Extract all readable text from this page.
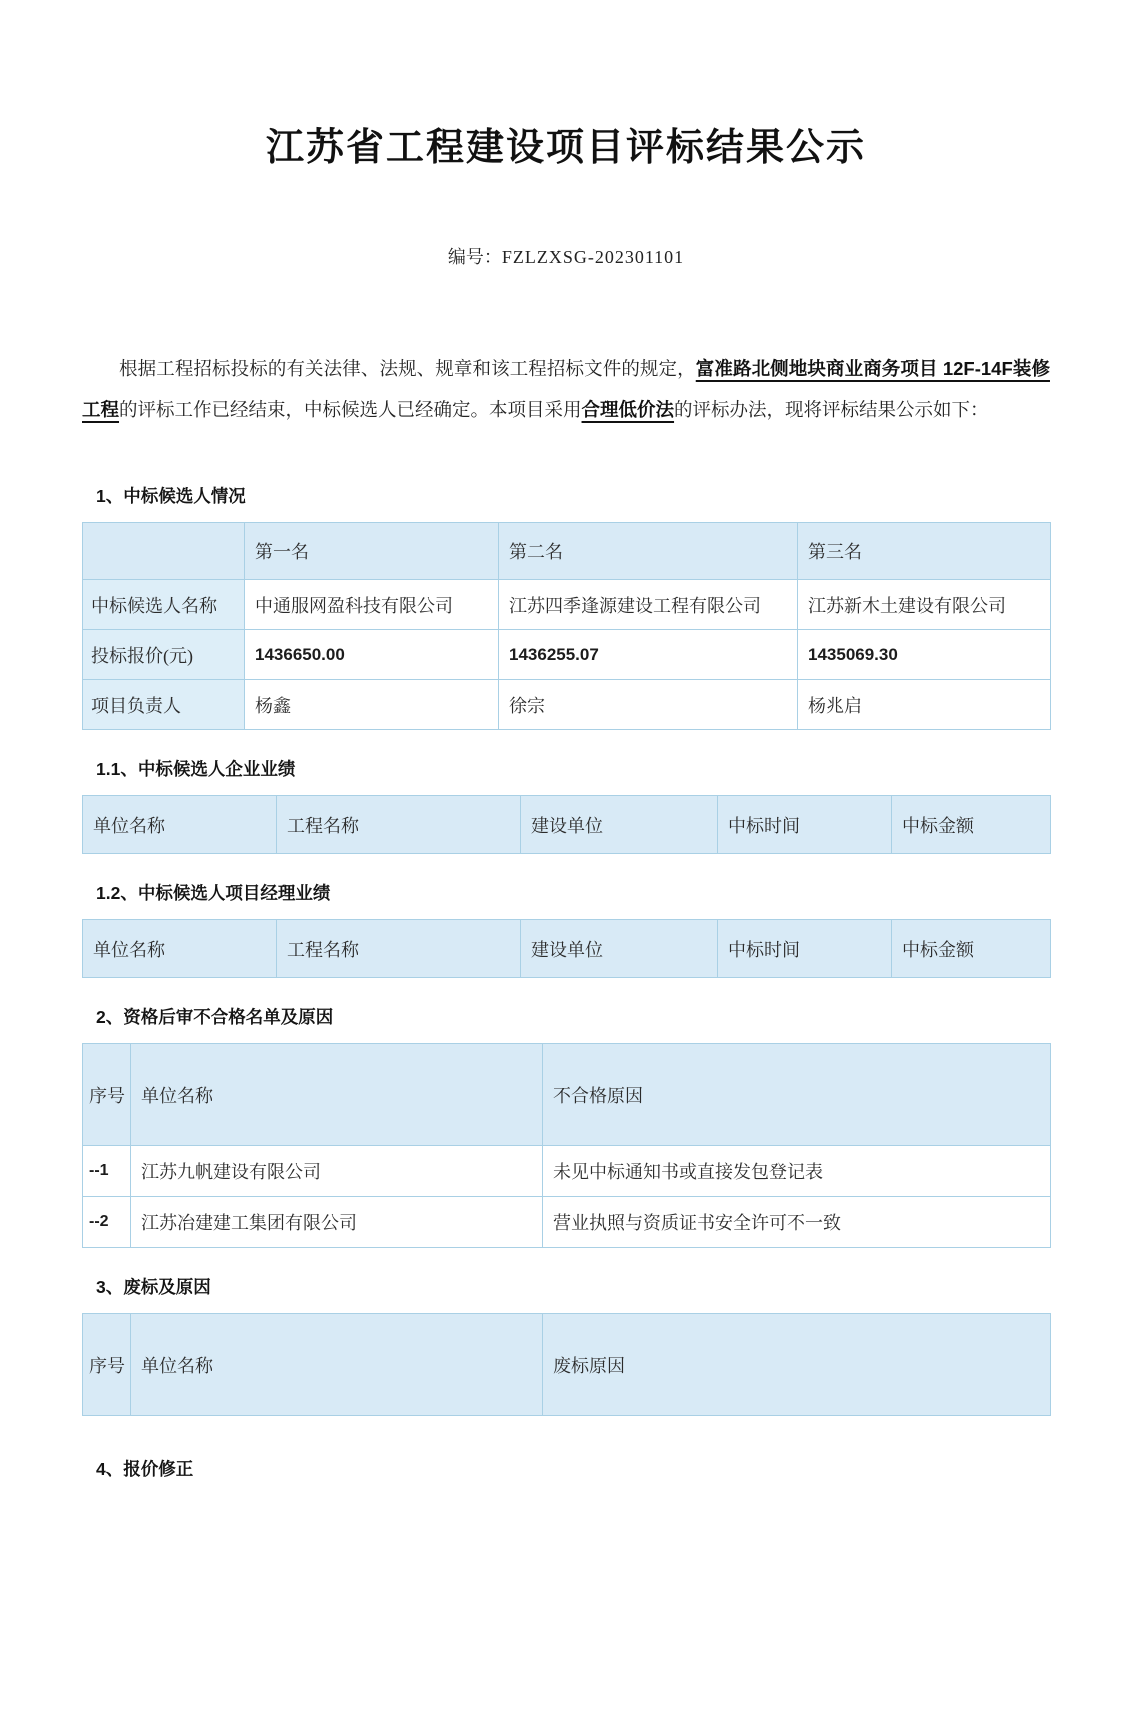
江苏省工程建设项目评标结果公示
编号：FZLZXSG-202301101
根据工程招标投标的有关法律、法规、规章和该工程招标文件的规定，富准路北侧地块商业商务项目 12F-14F装修工程的评标工作已经结束，中标候选人已经确定。本项目采用合理低价法的评标办法，现将评标结果公示如下：
1、中标候选人情况
	第一名	第二名	第三名
中标候选人名称	中通服网盈科技有限公司	江苏四季逢源建设工程有限公司	江苏新木土建设有限公司
投标报价(元)	1436650.00	1436255.07	1435069.30
项目负责人	杨鑫	徐宗	杨兆启
1.1、中标候选人企业业绩
单位名称	工程名称	建设单位	中标时间	中标金额
1.2、中标候选人项目经理业绩
单位名称	工程名称	建设单位	中标时间	中标金额
2、资格后审不合格名单及原因
序号	单位名称	不合格原因
--1	江苏九帆建设有限公司	未见中标通知书或直接发包登记表
--2	江苏冶建建工集团有限公司	营业执照与资质证书安全许可不一致
3、废标及原因
序号	单位名称	废标原因
4、报价修正
